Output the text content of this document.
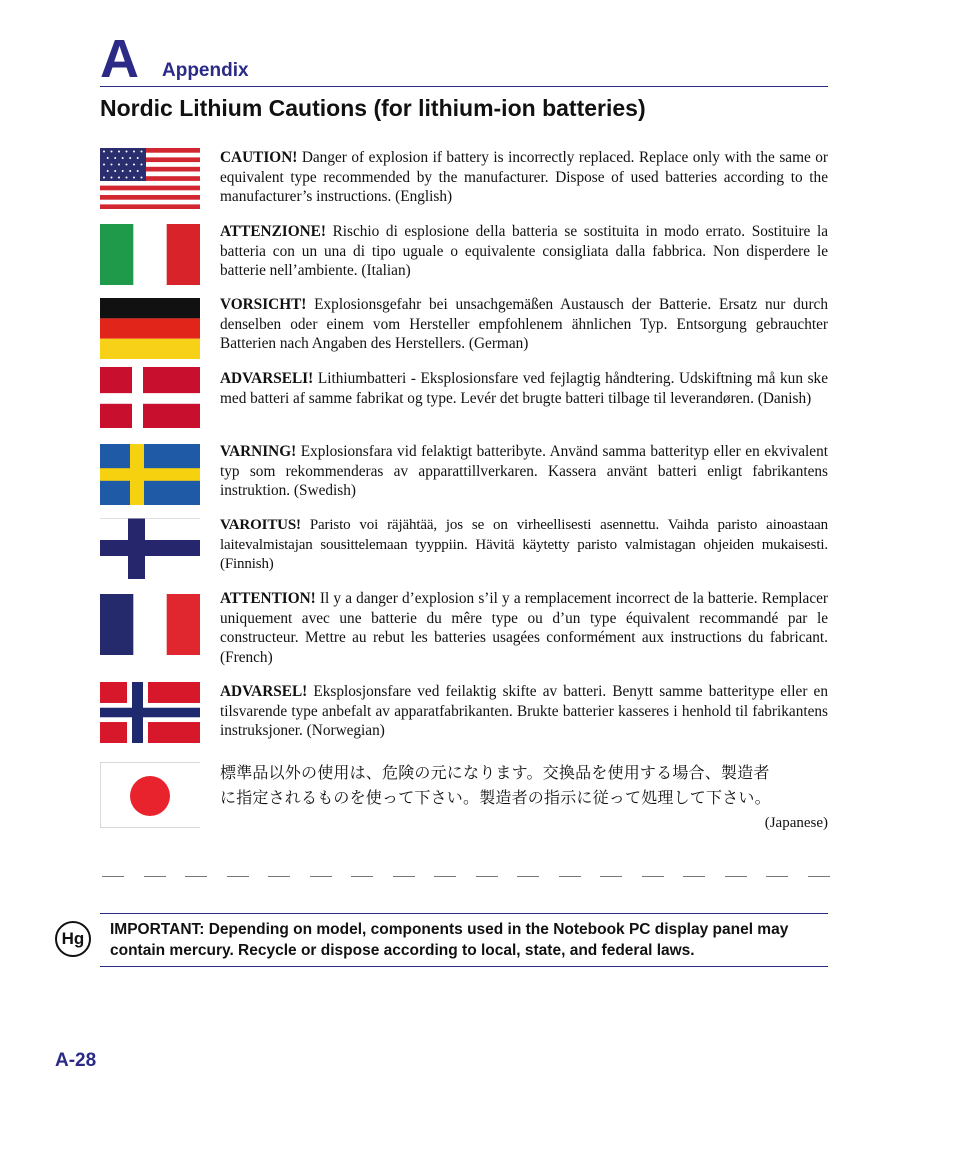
A Appendix
Nordic Lithium Cautions (for lithium-ion batteries)
CAUTION! Danger of explosion if battery is incorrectly replaced. Replace only with the same or equivalent type recommended by the manufacturer. Dispose of used batteries according to the manufacturer’s instructions. (English)
ATTENZIONE! Rischio di esplosione della batteria se sostituita in modo errato. Sostituire la batteria con un una di tipo uguale o equivalente consigliata dalla fabbrica. Non disperdere le batterie nell’ambiente. (Italian)
VORSICHT! Explosionsgefahr bei unsachgemäßen Austausch der Batterie. Ersatz nur durch denselben oder einem vom Hersteller empfohlenem ähnlichen Typ. Entsorgung gebrauchter Batterien nach Angaben des Herstellers. (German)
ADVARSELI! Lithiumbatteri - Eksplosionsfare ved fejlagtig håndtering. Udskiftning må kun ske med batteri af samme fabrikat og type. Levér det brugte batteri tilbage til leverandøren. (Danish)
VARNING! Explosionsfara vid felaktigt batteribyte. Använd samma batterityp eller en ekvivalent typ som rekommenderas av apparattillverkaren. Kassera använt batteri enligt fabrikantens instruktion. (Swedish)
VAROITUS! Paristo voi räjähtää, jos se on virheellisesti asennettu. Vaihda paristo ainoastaan laitevalmistajan sousittelemaan tyyppiin. Hävitä käytetty paristo valmistagan ohjeiden mukaisesti. (Finnish)
ATTENTION! Il y a danger d’explosion s’il y a remplacement incorrect de la batterie. Remplacer uniquement avec une batterie du mêre type ou d’un type équivalent recommandé par le constructeur. Mettre au rebut les batteries usagées conformément aux instructions du fabricant. (French)
ADVARSEL! Eksplosjonsfare ved feilaktig skifte av batteri. Benytt samme batteritype eller en tilsvarende type anbefalt av apparatfabrikanten. Brukte batterier kasseres i henhold til fabrikantens instruksjoner. (Norwegian)
標準品以外の使用は、危険の元になります。交換品を使用する場合、製造者
に指定されるものを使って下さい。製造者の指示に従って処理して下さい。
(Japanese)
Hg	IMPORTANT: Depending on model, components used in the Notebook PC display panel may contain mercury. Recycle or dispose according to local, state, and federal laws.
A-28
